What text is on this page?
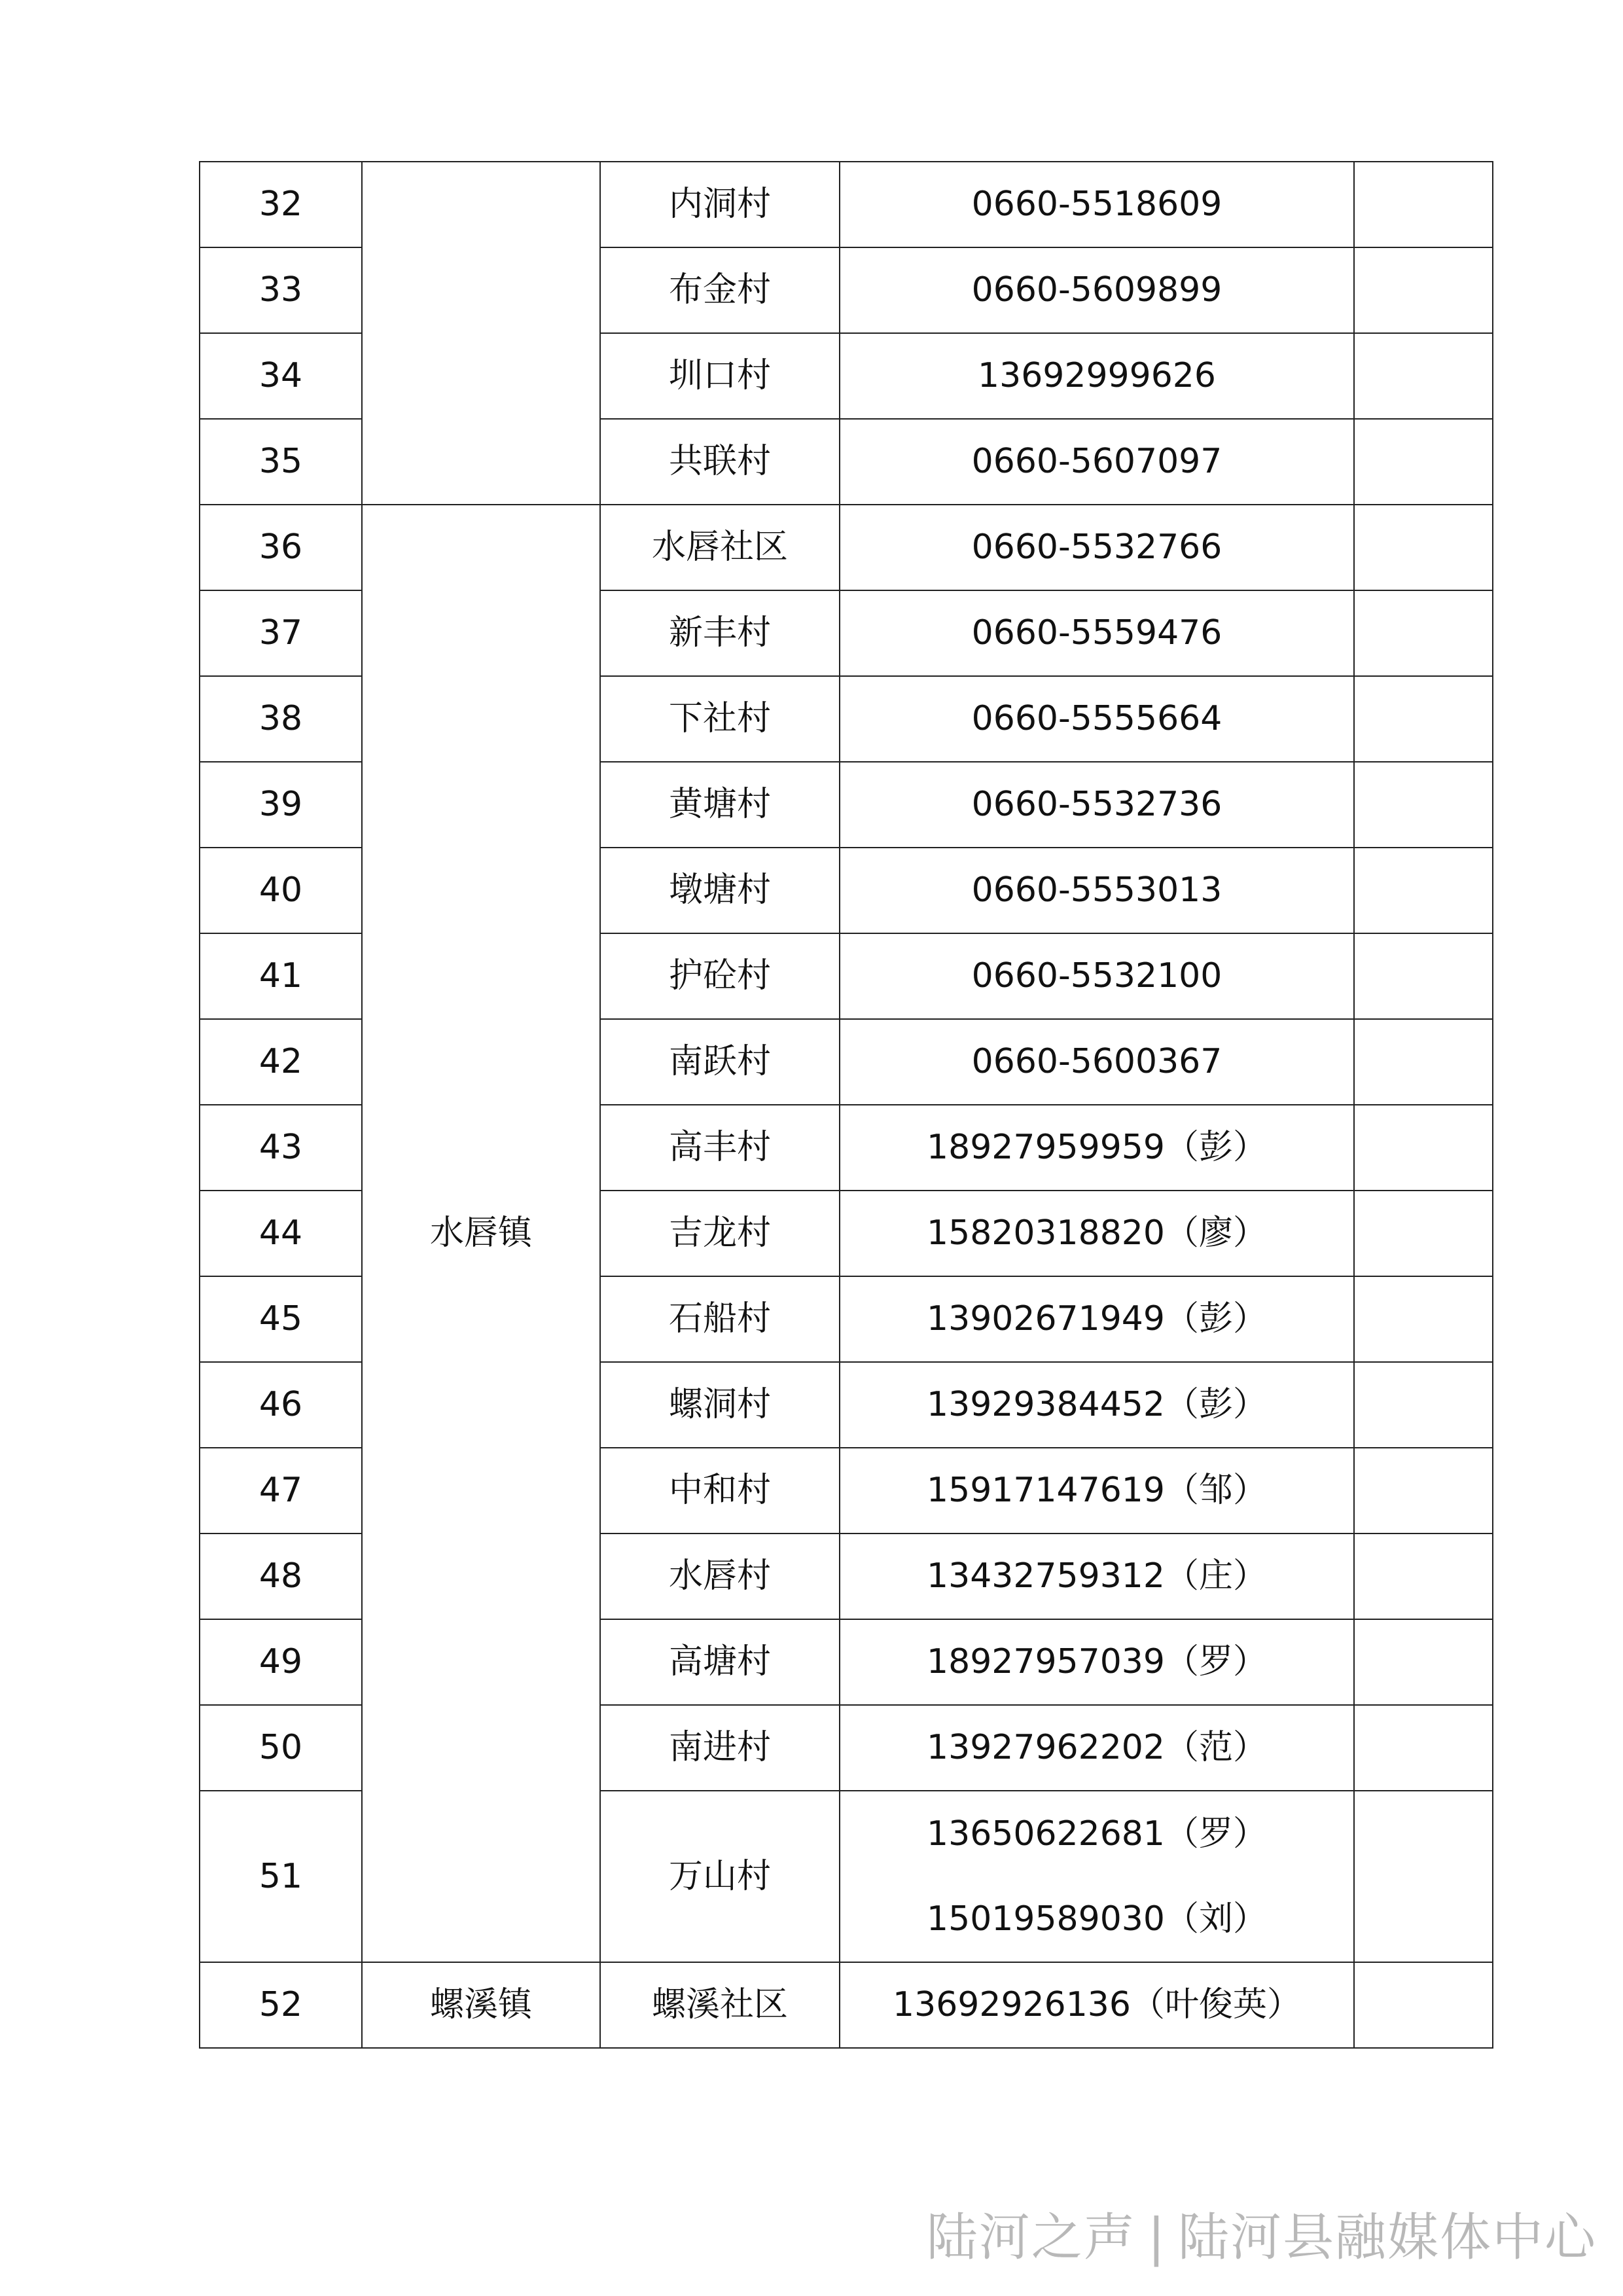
32		内洞村	0660-5518609	
33		布金村	0660-5609899	
34		圳口村	13692999626	
35		共联村	0660-5607097	
36	水唇镇	水唇社区	0660-5532766	
37		新丰村	0660-5559476	
38		下社村	0660-5555664	
39		黄塘村	0660-5532736	
40		墩塘村	0660-5553013	
41		护砼村	0660-5532100	
42		南跃村	0660-5600367	
43		高丰村	18927959959（彭）	
44		吉龙村	15820318820（廖）	
45		石船村	13902671949（彭）	
46		螺洞村	13929384452（彭）	
47		中和村	15917147619（邹）	
48		水唇村	13432759312（庄）	
49		高塘村	18927957039（罗）	
50		南进村	13927962202（范）	
51		万山村	13650622681（罗）
15019589030（刘）	

52	螺溪镇	螺溪社区	13692926136（叶俊英）	
陆河之声 | 陆河县融媒体中心
